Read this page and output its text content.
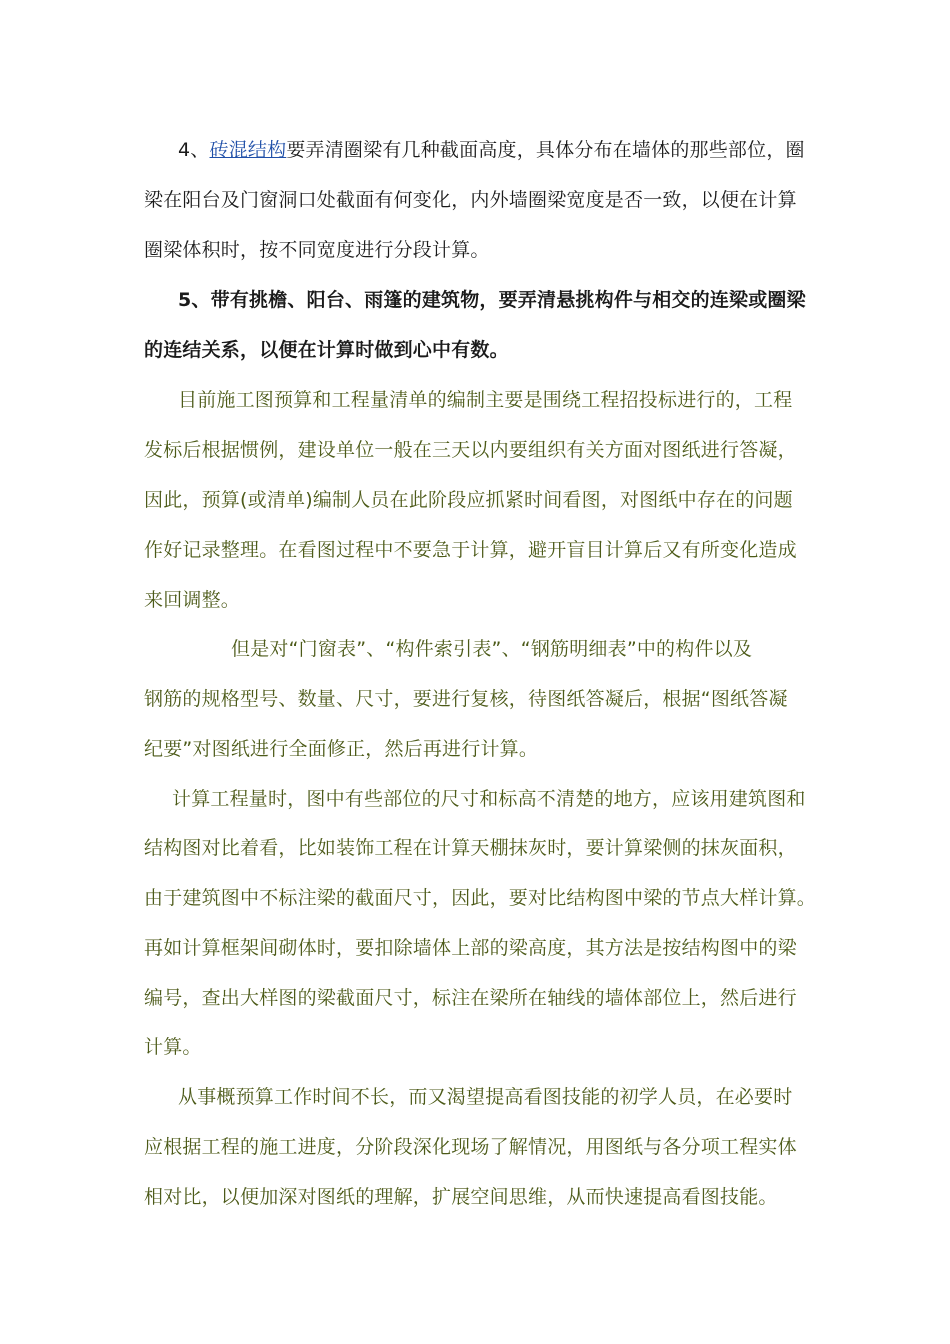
4、砖混结构要弄清圈梁有几种截面高度，具体分布在墙体的那些部位，圈
梁在阳台及门窗洞口处截面有何变化，内外墙圈梁宽度是否一致，以便在计算
圈梁体积时，按不同宽度进行分段计算。
5、带有挑檐、阳台、雨篷的建筑物，要弄清悬挑构件与相交的连梁或圈梁
的连结关系，以便在计算时做到心中有数。
目前施工图预算和工程量清单的编制主要是围绕工程招投标进行的，工程
发标后根据惯例，建设单位一般在三天以内要组织有关方面对图纸进行答凝，
因此，预算(或清单)编制人员在此阶段应抓紧时间看图，对图纸中存在的问题
作好记录整理。在看图过程中不要急于计算，避开盲目计算后又有所变化造成
来回调整。
但是对“门窗表”、“构件索引表”、“钢筋明细表”中的构件以及
钢筋的规格型号、数量、尺寸，要进行复核，待图纸答凝后，根据“图纸答凝
纪要”对图纸进行全面修正，然后再进行计算。
计算工程量时，图中有些部位的尺寸和标高不清楚的地方，应该用建筑图和
结构图对比着看，比如装饰工程在计算天棚抹灰时，要计算梁侧的抹灰面积，
由于建筑图中不标注梁的截面尺寸，因此，要对比结构图中梁的节点大样计算。
再如计算框架间砌体时，要扣除墙体上部的梁高度，其方法是按结构图中的梁
编号，查出大样图的梁截面尺寸，标注在梁所在轴线的墙体部位上，然后进行
计算。
从事概预算工作时间不长，而又渴望提高看图技能的初学人员，在必要时
应根据工程的施工进度，分阶段深化现场了解情况，用图纸与各分项工程实体
相对比，以便加深对图纸的理解，扩展空间思维，从而快速提高看图技能。
